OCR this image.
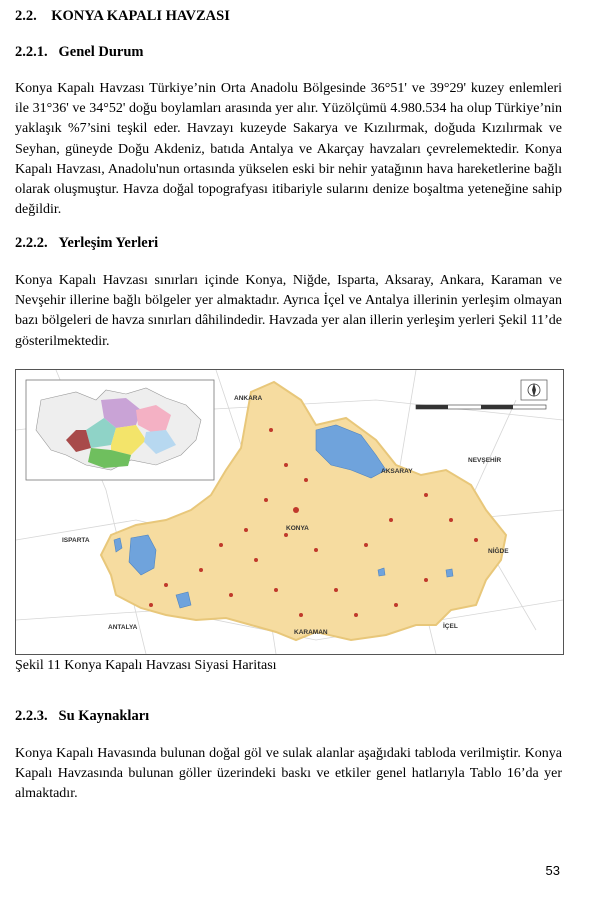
2.2. KONYA KAPALI HAVZASI
2.2.1. Genel Durum

Konya Kapalı Havzası Türkiye’nin Orta Anadolu Bölgesinde 36°51' ve 39°29' kuzey enlemleri ile 31°36' ve 34°52' doğu boylamları arasında yer alır. Yüzölçümü 4.980.534 ha olup Türkiye’nin yaklaşık %7’sini teşkil eder. Havzayı kuzeyde Sakarya ve Kızılırmak, doğuda Kızılırmak ve Seyhan, güneyde Doğu Akdeniz, batıda Antalya ve Akarçay havzaları çevrelemektedir. Konya Kapalı Havzası, Anadolu'nun ortasında yükselen eski bir nehir yatağının hava hareketlerine bağlı olarak oluşmuştur. Havza doğal topografyası itibariyle sularını denize boşaltma yeteneğine sahip değildir.

2.2.2. Yerleşim Yerleri

Konya Kapalı Havzası sınırları içinde Konya, Niğde, Isparta, Aksaray, Ankara, Karaman ve Nevşehir illerine bağlı bölgeler yer almaktadır. Ayrıca İçel ve Antalya illerinin yerleşim olmayan bazı bölgeleri de havza sınırları dâhilindedir. Havzada yer alan illerin yerleşim yerleri Şekil 11’de gösterilmektedir.

ANKARA
AKSARAY
NEVŞEHİR
KONYA
ISPARTA
NİĞDE
ANTALYA
KARAMAN
İÇEL
Şekil 11 Konya Kapalı Havzası Siyasi Haritası
2.2.3. Su Kaynakları

Konya Kapalı Havasında bulunan doğal göl ve sulak alanlar aşağıdaki tabloda verilmiştir. Konya Kapalı Havzasında bulunan göller üzerindeki baskı ve etkiler genel hatlarıyla Tablo 16’da yer almaktadır.

53
